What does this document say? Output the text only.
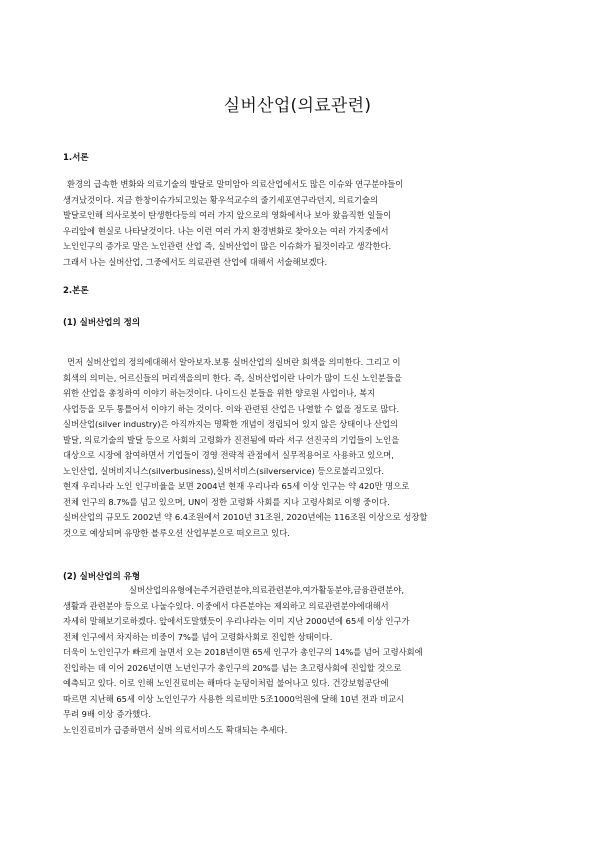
실버산업(의료관련)
1.서론
환경의 급속한 변화와 의료기술의 발달로 말미암아 의료산업에서도 많은 이슈와 연구분야들이
생겨났것이다. 지금 한창이슈가되고있는 황우석교수의 줄기세포연구라던지, 의료기술의
발달로인해 의사로봇이 탄생한다등의 여러 가지 앞으로의 영화에서나 보아 왔음직한 일들이
우리앞에 현실로 나타날것이다. 나는 이런 여러 가지 환경변화로 찾아오는 여러 가지중에서
노인인구의 증가로 말은 노인관련 산업 즉, 실버산업이 많은 이슈화가 될것이라고 생각한다.
그래서 나는 실버산업, 그중에서도 의료관련 산업에 대해서 서술해보겠다.
2.본론
(1) 실버산업의 정의
먼저 실버산업의 정의에대해서 알아보자.보통 실버산업의 실버란 회색을 의미한다. 그리고 이
회색의 의미는, 어르신들의 머리색을의미 한다. 즉, 실버산업이란 나이가 많이 드신 노인분들을
위한 산업을 총칭하여 이야기 하는것이다. 나이드신 분들을 위한 양로원 사업이나, 복지
사업등을 모두 통틀어서 이야기 하는 것이다. 이와 관련된 산업은 나열할 수 없을 정도로 많다.
실버산업(silver industry)은 아직까지는 명확한 개념이 정립되어 있지 않은 상태이나 산업의
발달, 의료기술의 발달 등으로 사회의 고령화가 진전됨에 따라 서구 선진국의 기업들이 노인을
대상으로 시장에 참여하면서 기업들이 경영 전략적 관점에서 실무적용어로 사용하고 있으며,
노인산업, 실버비지니스(silverbusiness),실버서비스(silverservice) 등으로불리고있다.
현재 우리나라 노인 인구비율을 보면 2004년 현재 우리나라 65세 이상 인구는 약 420만 명으로
전체 인구의 8.7%를 넘고 있으며, UN이 정한 고령화 사회를 지나 고령사회로 이행 중이다.
실버산업의 규모도 2002년 약 6.4조원에서 2010년 31조원, 2020년에는 116조원 이상으로 성장할
것으로 예상되며 유망한 블루오션 산업부분으로 떠오르고 있다.
(2) 실버산업의 유형
실버산업의유형에는주거관련분야,의료관련분야,여가활동분야,금융관련분야,
생활과 관련분야 등으로 나눌수있다. 이중에서 다른분야는 제외하고 의료관련분야에대해서
자세히 말해보기로하겠다. 앞에서도말했듯이 우리나라는 이미 지난 2000년에 65세 이상 인구가
전체 인구에서 차지하는 비중이 7%를 넘어 고령화사회로 진입한 상태이다.
더욱이 노인인구가 빠르게 늘면서 오는 2018년이면 65세 인구가 총인구의 14%를 넘어 고령사회에
진입하는 데 이어 2026년이면 노년인구가 총인구의 20%를 넘는 초고령사회에 진입할 것으로
예측되고 있다. 이로 인해 노인진료비는 해마다 눈덩이처럼 불어나고 있다. 건강보험공단에
따르면 지난해 65세 이상 노인인구가 사용한 의료비만 5조1000억원에 달해 10년 전과 비교시
무려 9배 이상 증가했다.
노인진료비가 급증하면서 실버 의료서비스도 확대되는 추세다.
